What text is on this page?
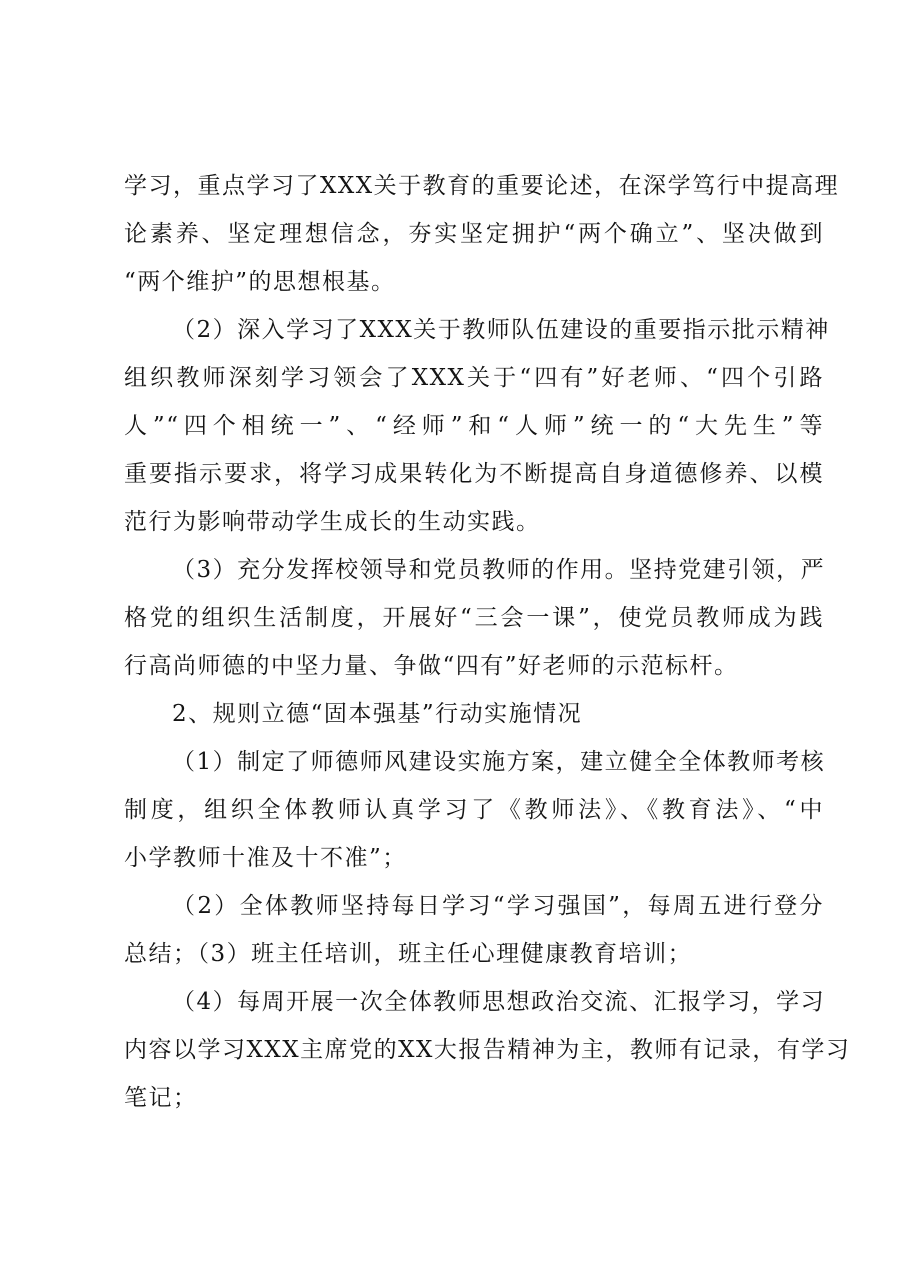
学习，重点学习了XXX关于教育的重要论述，在深学笃行中提高理
论素养、坚定理想信念，夯实坚定拥护“两个确立”、坚决做到
“两个维护”的思想根基。
（2）深入学习了XXX关于教师队伍建设的重要指示批示精神
组织教师深刻学习领会了XXX关于“四有”好老师、“四个引路
人”“四个相统一”、“经师”和“人师”统一的“大先生”等
重要指示要求，将学习成果转化为不断提高自身道德修养、以模
范行为影响带动学生成长的生动实践。
（3）充分发挥校领导和党员教师的作用。坚持党建引领，严
格党的组织生活制度，开展好“三会一课”，使党员教师成为践
行高尚师德的中坚力量、争做“四有”好老师的示范标杆。
2、规则立德“固本强基”行动实施情况
（1）制定了师德师风建设实施方案，建立健全全体教师考核
制度，组织全体教师认真学习了《教师法》、《教育法》、“中
小学教师十准及十不准”；
（2）全体教师坚持每日学习“学习强国”，每周五进行登分
总结；（3）班主任培训，班主任心理健康教育培训；
（4）每周开展一次全体教师思想政治交流、汇报学习，学习
内容以学习XXX主席党的XX大报告精神为主，教师有记录，有学习
笔记；
